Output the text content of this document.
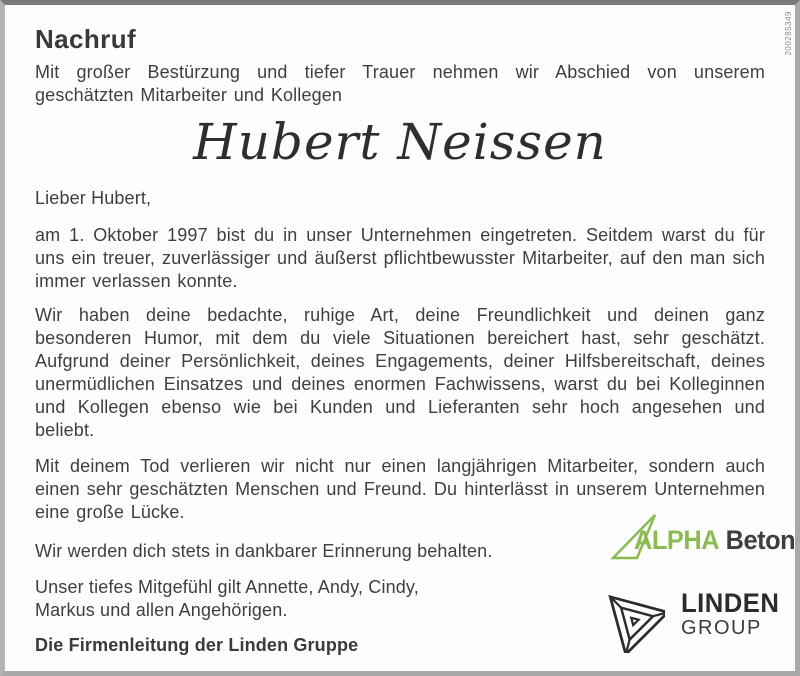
200285349
Nachruf

Mit großer Bestürzung und tiefer Trauer nehmen wir Abschied von unserem geschätzten Mitarbeiter und Kollegen

Hubert Neissen

Lieber Hubert,

am 1. Oktober 1997 bist du in unser Unternehmen eingetreten. Seitdem warst du für uns ein treuer, zuverlässiger und äußerst pflichtbewusster Mitarbeiter, auf den man sich immer verlassen konnte.

Wir haben deine bedachte, ruhige Art, deine Freundlichkeit und deinen ganz besonderen Humor, mit dem du viele Situationen bereichert hast, sehr geschätzt. Aufgrund deiner Persönlichkeit, deines Engagements, deiner Hilfsbereitschaft, deines unermüdlichen Einsatzes und deines enormen Fachwissens, warst du bei Kolleginnen und Kollegen ebenso wie bei Kunden und Lieferanten sehr hoch angesehen und beliebt.

Mit deinem Tod verlieren wir nicht nur einen langjährigen Mitarbeiter, sondern auch einen sehr geschätzten Menschen und Freund. Du hinterlässt in unserem Unternehmen eine große Lücke.

Wir werden dich stets in dankbarer Erinnerung behalten.

Unser tiefes Mitgefühl gilt Annette, Andy, Cindy,
Markus und allen Angehörigen.

Die Firmenleitung der Linden Gruppe

ALPHA Beton
LINDEN
GROUP
